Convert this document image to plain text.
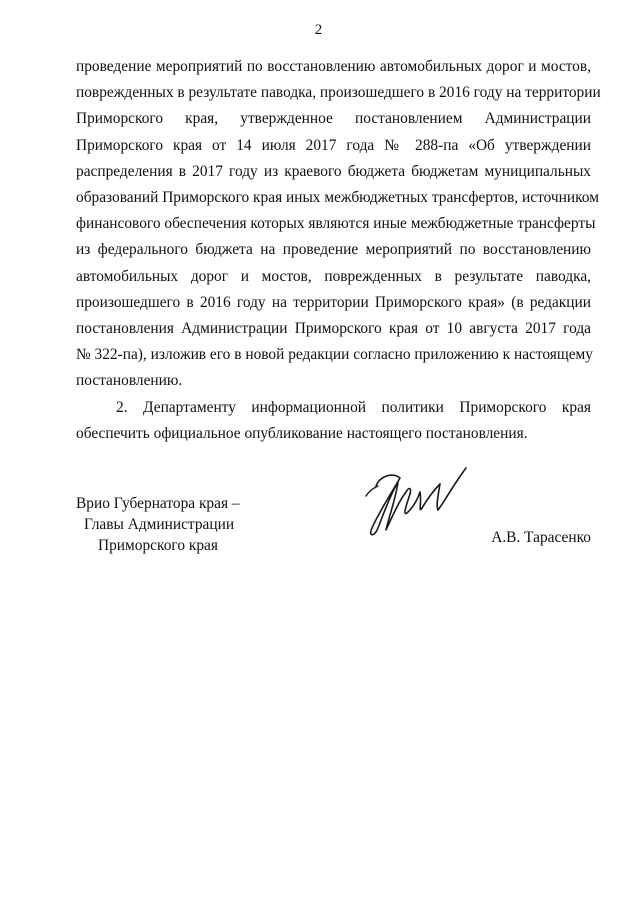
2
проведение мероприятий по восстановлению автомобильных дорог и мостов,
поврежденных в результате паводка, произошедшего в 2016 году на территории
Приморского края, утвержденное постановлением Администрации
Приморского края от 14 июля 2017 года № 288-па «Об утверждении
распределения в 2017 году из краевого бюджета бюджетам муниципальных
образований Приморского края иных межбюджетных трансфертов, источником
финансового обеспечения которых являются иные межбюджетные трансферты
из федерального бюджета на проведение мероприятий по восстановлению
автомобильных дорог и мостов, поврежденных в результате паводка,
произошедшего в 2016 году на территории Приморского края» (в редакции
постановления Администрации Приморского края от 10 августа 2017 года
№ 322-па), изложив его в новой редакции согласно приложению к настоящему
постановлению.
2. Департаменту информационной политики Приморского края
обеспечить официальное опубликование настоящего постановления.
Врио Губернатора края –
Главы Администрации
Приморского края	А.В. Тарасенко
